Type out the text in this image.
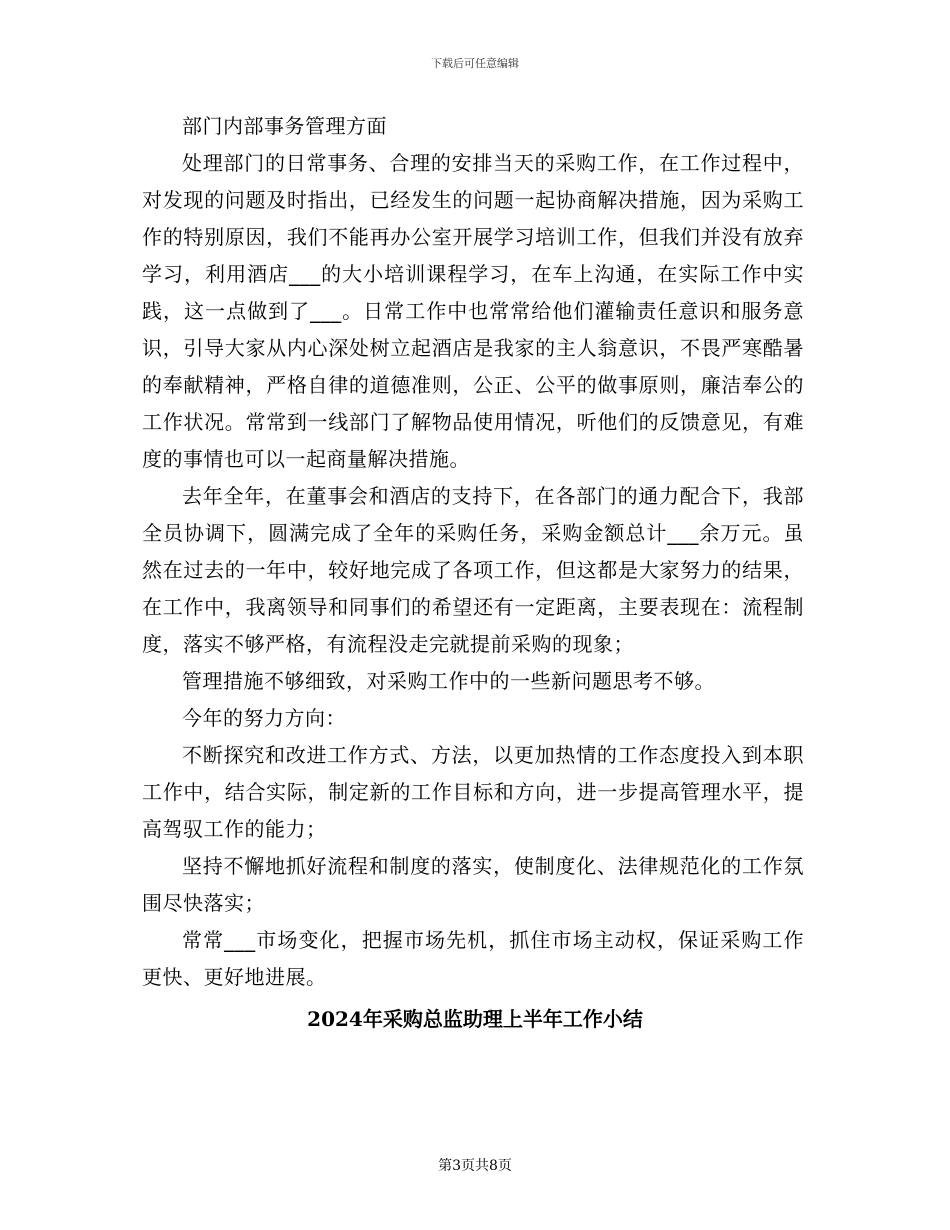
下载后可任意编辑

部门内部事务管理方面

处理部门的日常事务、合理的安排当天的采购工作，在工作过程中，对发现的问题及时指出，已经发生的问题一起协商解决措施，因为采购工作的特别原因，我们不能再办公室开展学习培训工作，但我们并没有放弃学习，利用酒店___的大小培训课程学习，在车上沟通，在实际工作中实践，这一点做到了___。日常工作中也常常给他们灌输责任意识和服务意识，引导大家从内心深处树立起酒店是我家的主人翁意识，不畏严寒酷暑的奉献精神，严格自律的道德准则，公正、公平的做事原则，廉洁奉公的工作状况。常常到一线部门了解物品使用情况，听他们的反馈意见，有难度的事情也可以一起商量解决措施。

去年全年，在董事会和酒店的支持下，在各部门的通力配合下，我部全员协调下，圆满完成了全年的采购任务，采购金额总计___余万元。虽然在过去的一年中，较好地完成了各项工作，但这都是大家努力的结果，在工作中，我离领导和同事们的希望还有一定距离，主要表现在：流程制度，落实不够严格，有流程没走完就提前采购的现象；

管理措施不够细致，对采购工作中的一些新问题思考不够。

今年的努力方向：

不断探究和改进工作方式、方法，以更加热情的工作态度投入到本职工作中，结合实际，制定新的工作目标和方向，进一步提高管理水平，提高驾驭工作的能力；

坚持不懈地抓好流程和制度的落实，使制度化、法律规范化的工作氛围尽快落实；

常常___市场变化，把握市场先机，抓住市场主动权，保证采购工作更快、更好地进展。

2024年采购总监助理上半年工作小结
第3页共8页
